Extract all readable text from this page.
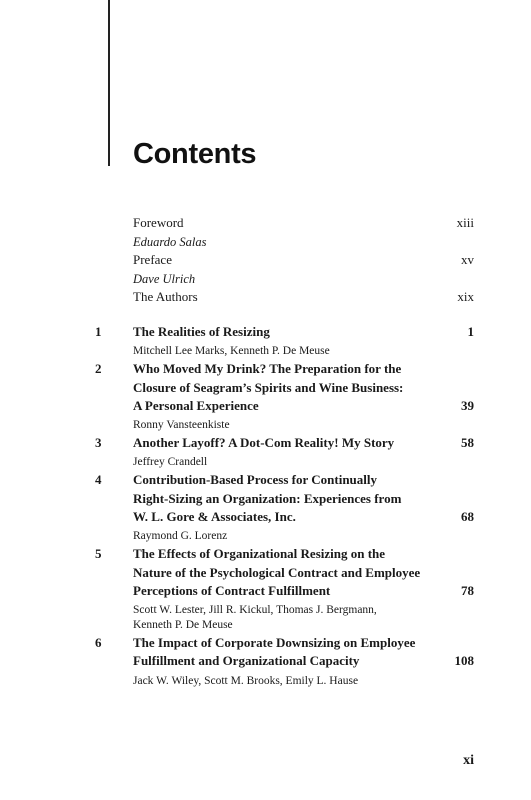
Contents
Foreword	xiii
Eduardo Salas
Preface	xv
Dave Ulrich
The Authors	xix
1 The Realities of Resizing	1
Mitchell Lee Marks, Kenneth P. De Meuse
2 Who Moved My Drink? The Preparation for the
Closure of Seagram’s Spirits and Wine Business:
A Personal Experience	39
Ronny Vansteenkiste
3 Another Layoff? A Dot-Com Reality! My Story	58
Jeffrey Crandell
4 Contribution-Based Process for Continually
Right-Sizing an Organization: Experiences from
W. L. Gore & Associates, Inc.	68
Raymond G. Lorenz
5 The Effects of Organizational Resizing on the
Nature of the Psychological Contract and Employee
Perceptions of Contract Fulfillment	78
Scott W. Lester, Jill R. Kickul, Thomas J. Bergmann,
Kenneth P. De Meuse
6 The Impact of Corporate Downsizing on Employee
Fulfillment and Organizational Capacity	108
Jack W. Wiley, Scott M. Brooks, Emily L. Hause
xi
